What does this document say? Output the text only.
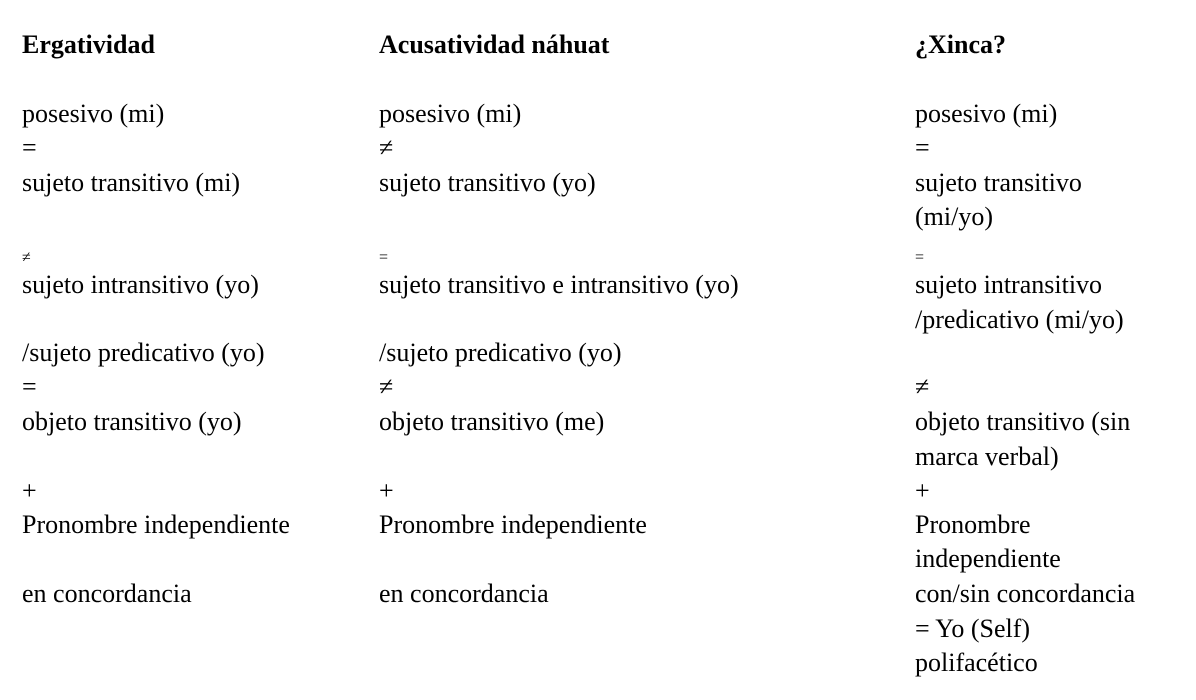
Ergatividad
posesivo (mi)
=
sujeto transitivo (mi)
≠
sujeto intransitivo (yo)
/sujeto predicativo (yo)
=
objeto transitivo (yo)
+
Pronombre independiente
en concordancia
Acusatividad náhuat
posesivo (mi)
≠
sujeto transitivo (yo)
=
sujeto transitivo e intransitivo (yo)
/sujeto predicativo (yo)
≠
objeto transitivo (me)
+
Pronombre independiente
en concordancia
¿Xinca?
posesivo (mi)
=
sujeto transitivo
(mi/yo)
=
sujeto intransitivo
/predicativo (mi/yo)
≠
objeto transitivo (sin
marca verbal)
+
Pronombre
independiente
con/sin concordancia
= Yo (Self)
polifacético
